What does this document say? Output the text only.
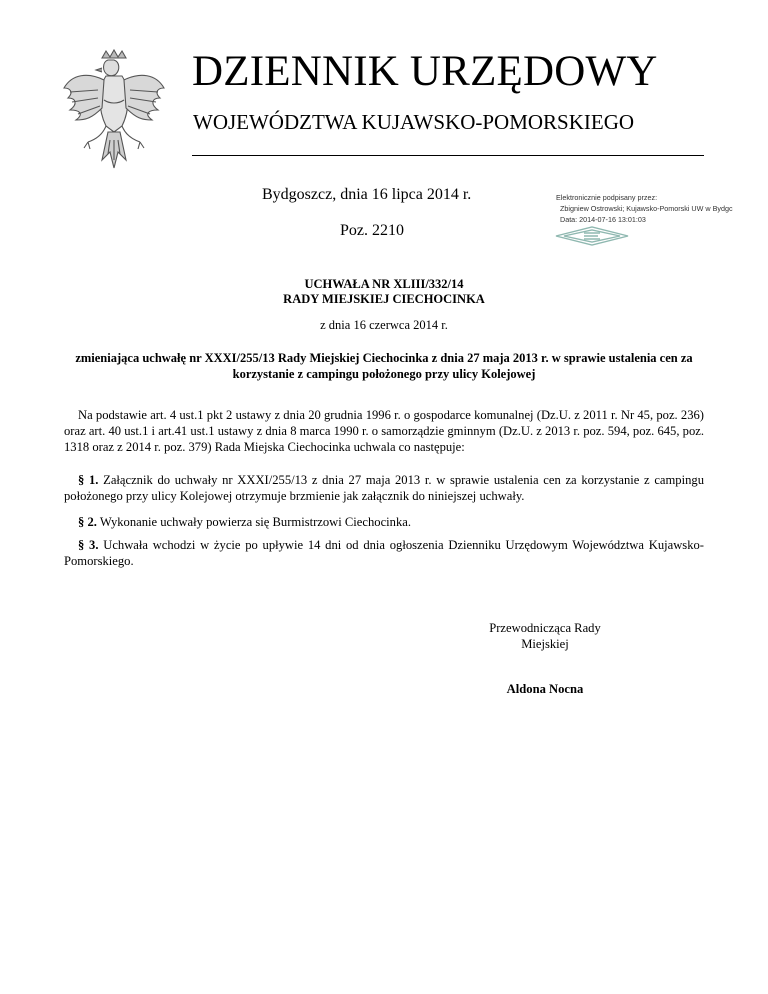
DZIENNIK URZĘDOWY
WOJEWÓDZTWA KUJAWSKO-POMORSKIEGO
Bydgoszcz, dnia 16 lipca 2014 r.
Poz. 2210
Elektronicznie podpisany przez:
Zbigniew Ostrowski; Kujawsko-Pomorski UW w Bydgc
Data: 2014-07-16 13:01:03
UCHWAŁA NR XLIII/332/14
RADY MIEJSKIEJ CIECHOCINKA
z dnia 16 czerwca 2014 r.
zmieniająca uchwałę nr XXXI/255/13 Rady Miejskiej Ciechocinka z dnia 27 maja 2013 r. w sprawie ustalenia cen za korzystanie z campingu położonego przy ulicy Kolejowej
Na podstawie art. 4 ust.1 pkt 2 ustawy z dnia 20 grudnia 1996 r. o gospodarce komunalnej (Dz.U. z 2011 r. Nr 45, poz. 236) oraz art. 40 ust.1 i art.41 ust.1 ustawy z dnia 8 marca 1990 r. o samorządzie gminnym (Dz.U. z 2013 r. poz. 594, poz. 645, poz. 1318 oraz z 2014 r. poz. 379) Rada Miejska Ciechocinka uchwala co następuje:
§ 1. Załącznik do uchwały nr XXXI/255/13 z dnia 27 maja 2013 r. w sprawie ustalenia cen za korzystanie z campingu położonego przy ulicy Kolejowej otrzymuje brzmienie jak załącznik do niniejszej uchwały.
§ 2. Wykonanie uchwały powierza się Burmistrzowi Ciechocinka.
§ 3. Uchwała wchodzi w życie po upływie 14 dni od dnia ogłoszenia Dzienniku Urzędowym Województwa Kujawsko-Pomorskiego.
Przewodnicząca Rady
Miejskiej
Aldona Nocna
